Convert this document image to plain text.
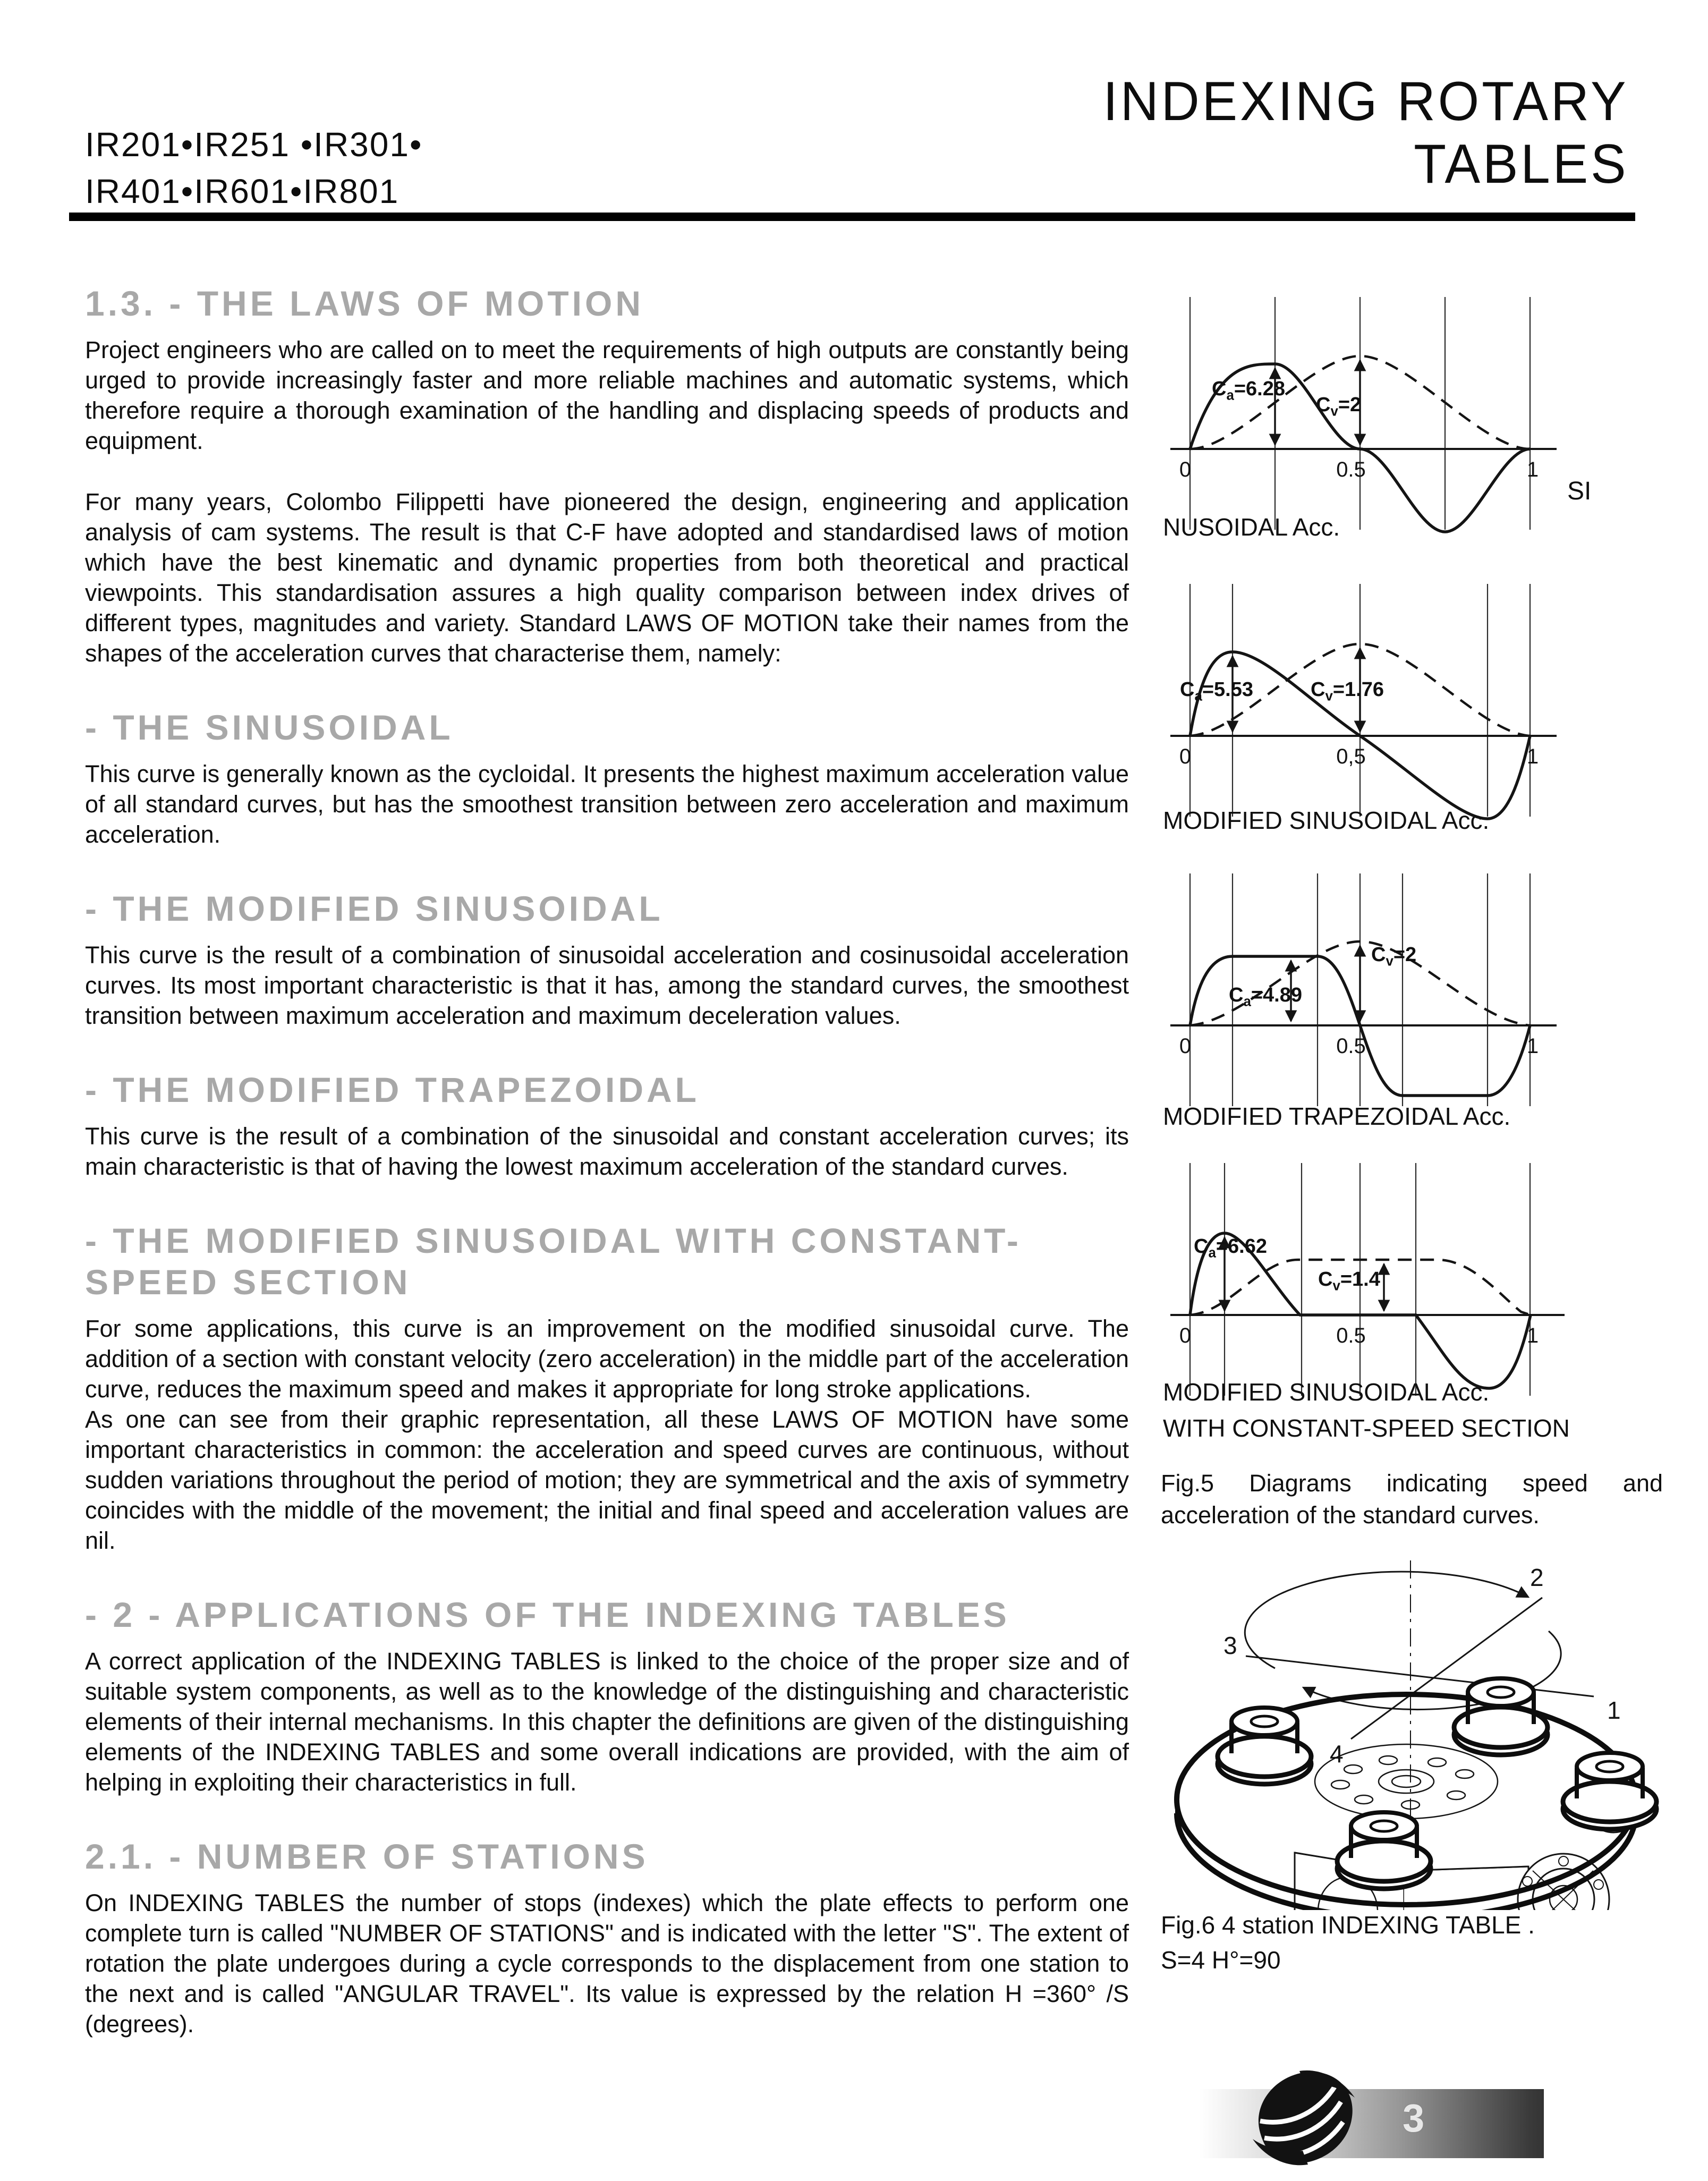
IR201•IR251 •IR301•
IR401•IR601•IR801
INDEXING ROTARY
TABLES
1.3. - THE LAWS OF MOTION

Project engineers who are called on to meet the requirements of high outputs are constantly being urged to provide increasingly faster and more reliable machines and automatic systems, which therefore require a thorough examination of the handling and displacing speeds of products and equipment.

For many years, Colombo Filippetti have pioneered the design, engineering and application analysis of cam systems. The result is that C-F have adopted and standardised laws of motion which have the best kinematic and dynamic properties from both theoretical and practical viewpoints. This standardisation assures a high quality comparison between index drives of different types, magnitudes and variety. Standard LAWS OF MOTION take their names from the shapes of the acceleration curves that characterise them, namely:

- THE SINUSOIDAL

This curve is generally known as the cycloidal. It presents the highest maximum acceleration value of all standard curves, but has the smoothest transition between zero acceleration and maximum acceleration.

- THE MODIFIED SINUSOIDAL

This curve is the result of a combination of sinusoidal acceleration and cosinusoidal acceleration curves. Its most important characteristic is that it has, among the standard curves, the smoothest transition between maximum acceleration and maximum deceleration values.

- THE MODIFIED TRAPEZOIDAL

This curve is the result of a combination of the sinusoidal and constant acceleration curves; its main characteristic is that of having the lowest maximum acceleration of the standard curves.

- THE MODIFIED SINUSOIDAL WITH CONSTANT-SPEED SECTION

For some applications, this curve is an improvement on the modified sinusoidal curve. The addition of a section with constant velocity (zero acceleration) in the middle part of the acceleration curve, reduces the maximum speed and makes it appropriate for long stroke applications.

As one can see from their graphic representation, all these LAWS OF MOTION have some important characteristics in common: the acceleration and speed curves are continuous, without sudden variations throughout the period of motion; they are symmetrical and the axis of symmetry coincides with the middle of the movement; the initial and final speed and acceleration values are nil.

- 2 - APPLICATIONS OF THE INDEXING TABLES

A correct application of the INDEXING TABLES is linked to the choice of the proper size and of suitable system components, as well as to the knowledge of the distinguishing and characteristic elements of their internal mechanisms. In this chapter the definitions are given of the distinguishing elements of the INDEXING TABLES and some overall indications are provided, with the aim of helping in exploiting their characteristics in full.

2.1. - NUMBER OF STATIONS

On INDEXING TABLES the number of stops (indexes) which the plate effects to perform one complete turn is called "NUMBER OF STATIONS" and is indicated with the letter "S". The extent of rotation the plate undergoes during a cycle corresponds to the displacement from one station to the next and is called "ANGULAR TRAVEL". Its value is expressed by the relation H =360° /S (degrees).

0	0.5	1
$C_a=6.28$
$C_v=2$
SI
NUSOIDAL Acc.
0	0,5	1
$C_a=5.53$	$C_v=1.76$
MODIFIED SINUSOIDAL Acc.
0	0.5	1
$C_a=4.89$
$C_v=2$
MODIFIED TRAPEZOIDAL Acc.
0	0.5	1
$C_a=6.62$
$C_v=1.4$
MODIFIED SINUSOIDAL Acc.
WITH CONSTANT-SPEED SECTION
Fig.5 Diagrams indicating speed and acceleration of the standard curves.
1
2
3
4
Fig.6 4 station INDEXING TABLE .
S=4 H°=90
3
